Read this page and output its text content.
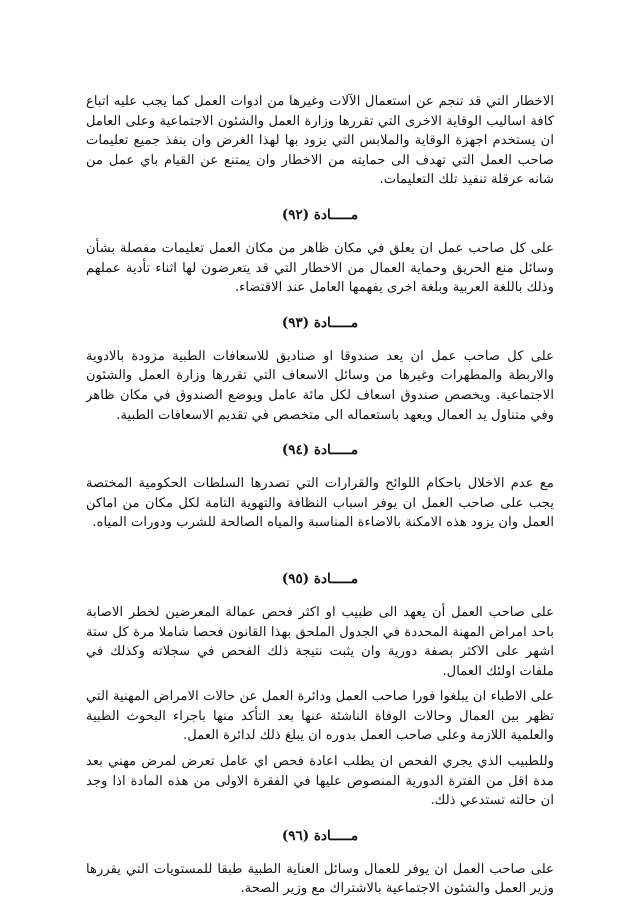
الاخطار التي قد تنجم عن استعمال الآلات وغيرها من ادوات العمل كما يجب عليه اتباع كافة اساليب الوقاية الاخرى التي تقررها وزارة العمل والشئون الاجتماعية وعلى العامل ان يستخدم اجهزة الوقاية والملابس التي يزود بها لهذا الغرض وان ينفذ جميع تعليمات صاحب العمل التي تهدف الى حمايته من الاخطار وان يمتنع عن القيام باي عمل من شانه عرقلة تنفيذ تلك التعليمات.

مـــــادة (٩٢)

على كل صاحب عمل ان يعلق في مكان ظاهر من مكان العمل تعليمات مفصلة بشأن وسائل منع الحريق وحماية العمال من الاخطار التي قد يتعرضون لها اثناء تأدية عملهم وذلك باللغة العربية وبلغة اخرى يفهمها العامل عند الاقتضاء.

مـــــادة (٩٣)

على كل صاحب عمل ان يعد صندوقا او صناديق للاسعافات الطبية مزودة بالادوية والاربطة والمطهرات وغيرها من وسائل الاسعاف التي تقررها وزارة العمل والشئون الاجتماعية. ويخصص صندوق اسعاف لكل مائة عامل ويوضع الصندوق في مكان ظاهر وفي متناول يد العمال ويعهد باستعماله الى متخصص في تقديم الاسعافات الطبية.

مـــــادة (٩٤)

مع عدم الاخلال باحكام اللوائح والقرارات التي تصدرها السلطات الحكومية المختصة يجب على صاحب العمل ان يوفر اسباب النظافة والتهوية التامة لكل مكان من اماكن العمل وان يزود هذه الامكنة بالاضاءة المناسبة والمياه الصالحة للشرب ودورات المياه.

مـــــادة (٩٥)

على صاحب العمل أن يعهد الى طبيب او اكثر فحص عمالة المعرضين لخطر الاصابة باحد امراض المهنة المحددة في الجدول الملحق بهذا القانون فحصا شاملا مرة كل ستة اشهر على الاكثر بصفة دورية وان يثبت نتيجة ذلك الفحص في سجلاته وكذلك في ملفات اولئك العمال.

على الاطباء ان يبلغوا فورا صاحب العمل ودائرة العمل عن حالات الامراض المهنية التي تظهر بين العمال وحالات الوفاة الناشئة عنها بعد التأكد منها باجراء البحوث الطبية والعلمية اللازمة وعلى صاحب العمل بدوره ان يبلغ ذلك لدائرة العمل.

وللطبيب الذي يجري الفحص ان يطلب اعادة فحص اي عامل تعرض لمرض مهني بعد مدة اقل من الفترة الدورية المنصوص عليها في الفقرة الاولى من هذه المادة اذا وجد ان حالته تستدعي ذلك.

مـــــادة (٩٦)

على صاحب العمل ان يوفر للعمال وسائل العناية الطبية طبقا للمستويات التي يقررها وزير العمل والشئون الاجتماعية بالاشتراك مع وزير الصحة.
